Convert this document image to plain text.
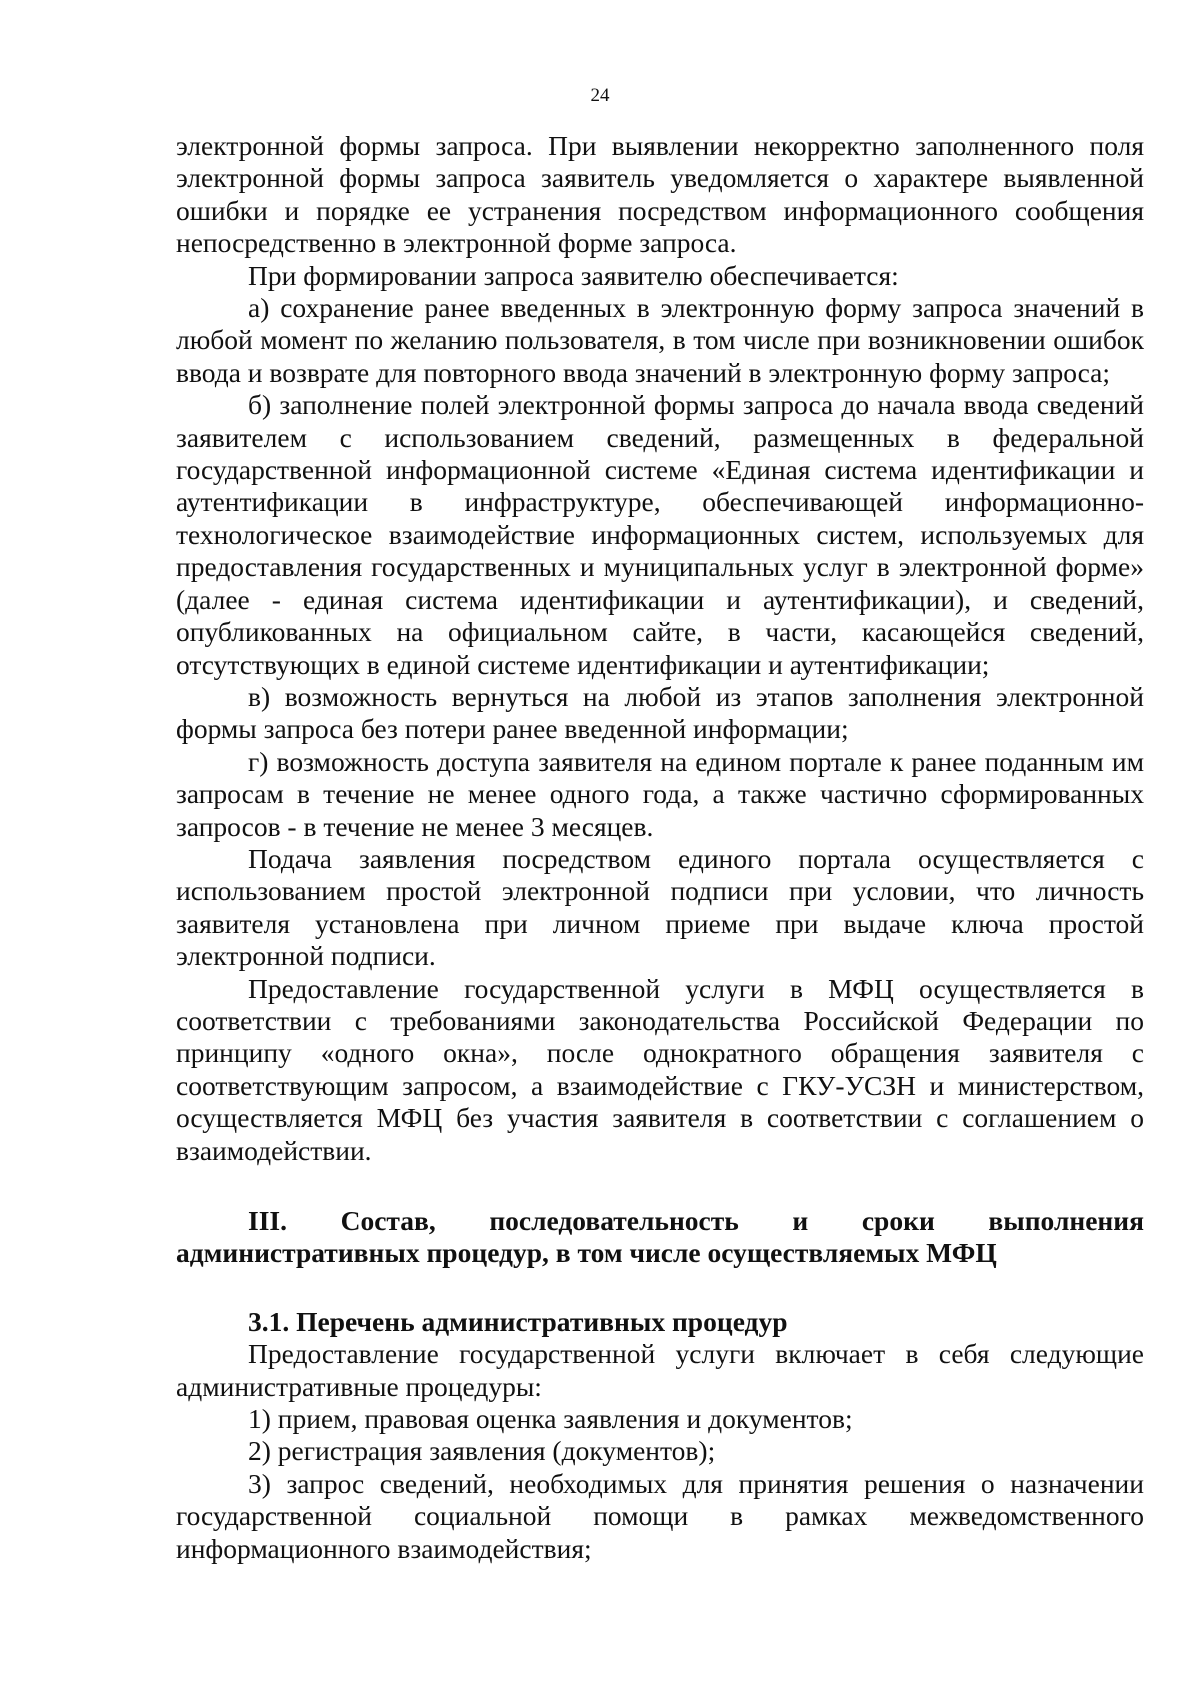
24

электронной формы запроса. При выявлении некорректно заполненного поля электронной формы запроса заявитель уведомляется о характере выявленной ошибки и порядке ее устранения посредством информационного сообщения непосредственно в электронной форме запроса.

При формировании запроса заявителю обеспечивается:

а) сохранение ранее введенных в электронную форму запроса значений в любой момент по желанию пользователя, в том числе при возникновении ошибок ввода и возврате для повторного ввода значений в электронную форму запроса;

б) заполнение полей электронной формы запроса до начала ввода сведений заявителем с использованием сведений, размещенных в федеральной государственной информационной системе «Единая система идентификации и аутентификации в инфраструктуре, обеспечивающей информационно-технологическое взаимодействие информационных систем, используемых для предоставления государственных и муниципальных услуг в электронной форме» (далее - единая система идентификации и аутентификации), и сведений, опубликованных на официальном сайте, в части, касающейся сведений, отсутствующих в единой системе идентификации и аутентификации;

в) возможность вернуться на любой из этапов заполнения электронной формы запроса без потери ранее введенной информации;

г) возможность доступа заявителя на едином портале к ранее поданным им запросам в течение не менее одного года, а также частично сформированных запросов - в течение не менее 3 месяцев.

Подача заявления посредством единого портала осуществляется с использованием простой электронной подписи при условии, что личность заявителя установлена при личном приеме при выдаче ключа простой электронной подписи.

Предоставление государственной услуги в МФЦ осуществляется в соответствии с требованиями законодательства Российской Федерации по принципу «одного окна», после однократного обращения заявителя с соответствующим запросом, а взаимодействие с ГКУ-УСЗН и министерством, осуществляется МФЦ без участия заявителя в соответствии с соглашением о взаимодействии.

III. Состав, последовательность и сроки выполнения административных процедур, в том числе осуществляемых МФЦ

3.1. Перечень административных процедур

Предоставление государственной услуги включает в себя следующие административные процедуры:

1) прием, правовая оценка заявления и документов;

2) регистрация заявления (документов);

3) запрос сведений, необходимых для принятия решения о назначении государственной социальной помощи в рамках межведомственного информационного взаимодействия;
